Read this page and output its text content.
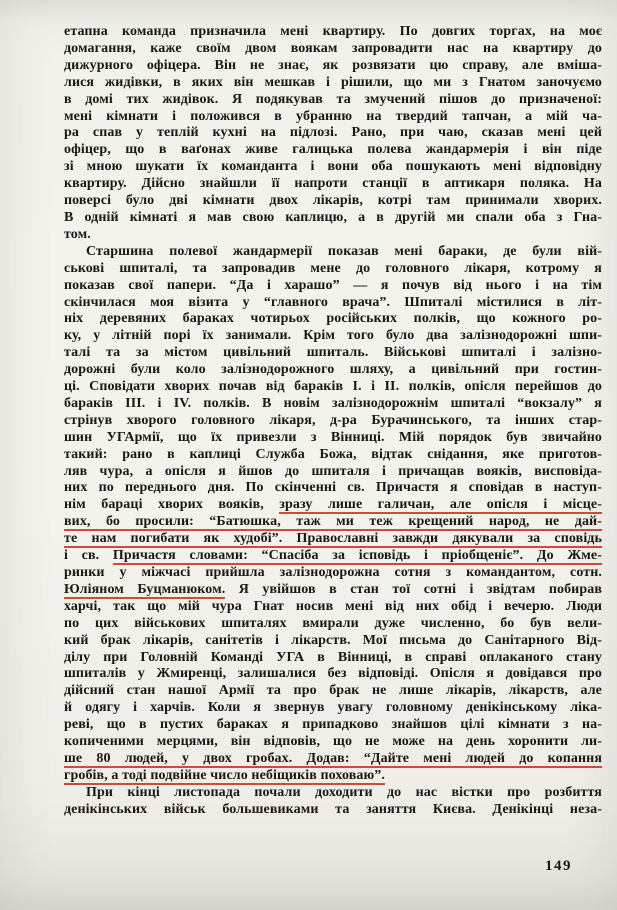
етапна команда призначила мені квартиру. По довгих торгах, на моє
домагання, каже своїм двом воякам запровадити нас на квартиру до
дижурного офіцера. Він не знає, як розвязати цю справу, але вміша-
лися жидівки, в яких він мешкав і рішили, що ми з Гнатом заночуємо
в домі тих жидівок. Я подякував та змучений пішов до призначеної:
мені кімнати і положився в убранню на твердий тапчан, а мій ча-
ра спав у теплій кухні на підлозі. Рано, при чаю, сказав мені цей
офіцер, що в ваґонах живе галицька полева жандармерія і він піде
зі мною шукати їх команданта і вони оба пошукають мені відповідну
квартиру. Дійсно знайшли її напроти станції в аптикаря поляка. На
поверсі було дві кімнати двох лікарів, котрі там принимали хворих.
В одній кімнаті я мав свою каплицю, а в другій ми спали оба з Гна-
том.
Старшина полевої жандармерії показав мені бараки, де були вій-
ськові шпиталі, та запровадив мене до головного лікаря, котрому я
показав свої папери. “Да і харашо” — я почув від нього і на тім
скінчилася моя візита у “главного врача”. Шпиталі містилися в літ-
ніх деревяних бараках чотирьох російських полків, що кожного ро-
ку, у літній порі їх занимали. Крім того було два залізнодорожні шпи-
талі та за містом цивільний шпиталь. Військові шпиталі і залізно-
дорожні були коло залізнодорожного шляху, а цивільний при гостин-
ці. Сповідати хворих почав від бараків І. і ІІ. полків, опісля перейшов до
бараків ІІІ. і IV. полків. В новім залізнодорожнім шпиталі “вокзалу” я
стрінув хворого головного лікаря, д-ра Бурачинського, та інших стар-
шин УГАрмії, що їх привезли з Вінниці. Мій порядок був звичайно
такий: рано в каплиці Служба Божа, відтак снідання, яке приготов-
ляв чура, а опісля я йшов до шпиталя і причащав вояків, висповіда-
них по переднього дня. По скінченні св. Причастя я сповідав в наступ-
нім бараці хворих вояків, зразу лише галичан, але опісля і місце-
вих, бо просили: “Батюшка, таж ми теж крещений народ, не дай-
те нам погибати як худобі”. Православні завжди дякували за сповідь
і св. Причастя словами: “Спасіба за ісповідь і пріобщеніє”. До Жме-
ринки у міжчасі прийшла залізнодорожна сотня з командантом, сотн.
Юліяном Буцманюком. Я увійшов в стан тої сотні і звідтам побирав
харчі, так що мій чура Гнат носив мені від них обід і вечерю. Люди
по цих військових шпиталях вмирали дуже численно, бо був вели-
кий брак лікарів, санітетів і лікарств. Мої письма до Санітарного Від-
ділу при Головній Команді УГА в Вінниці, в справі оплаканого стану
шпиталів у Жмиренці, залишалися без відповіді. Опісля я довідався про
дійсний стан нашої Армії та про брак не лише лікарів, лікарств, але
й одягу і харчів. Коли я звернув увагу головному денікінському ліка-
реві, що в пустих бараках я припадково знайшов цілі кімнати з на-
копиченими мерцями, він відповів, що не може на день хоронити ли-
ше 80 людей, у двох гробах. Додав: “Дайте мені людей до копання
гробів, а тоді подвійне число небіщиків поховаю”.
При кінці листопада почали доходити до нас вістки про розбиття
денікінських військ большевиками та заняття Києва. Денікінці неза-
149
